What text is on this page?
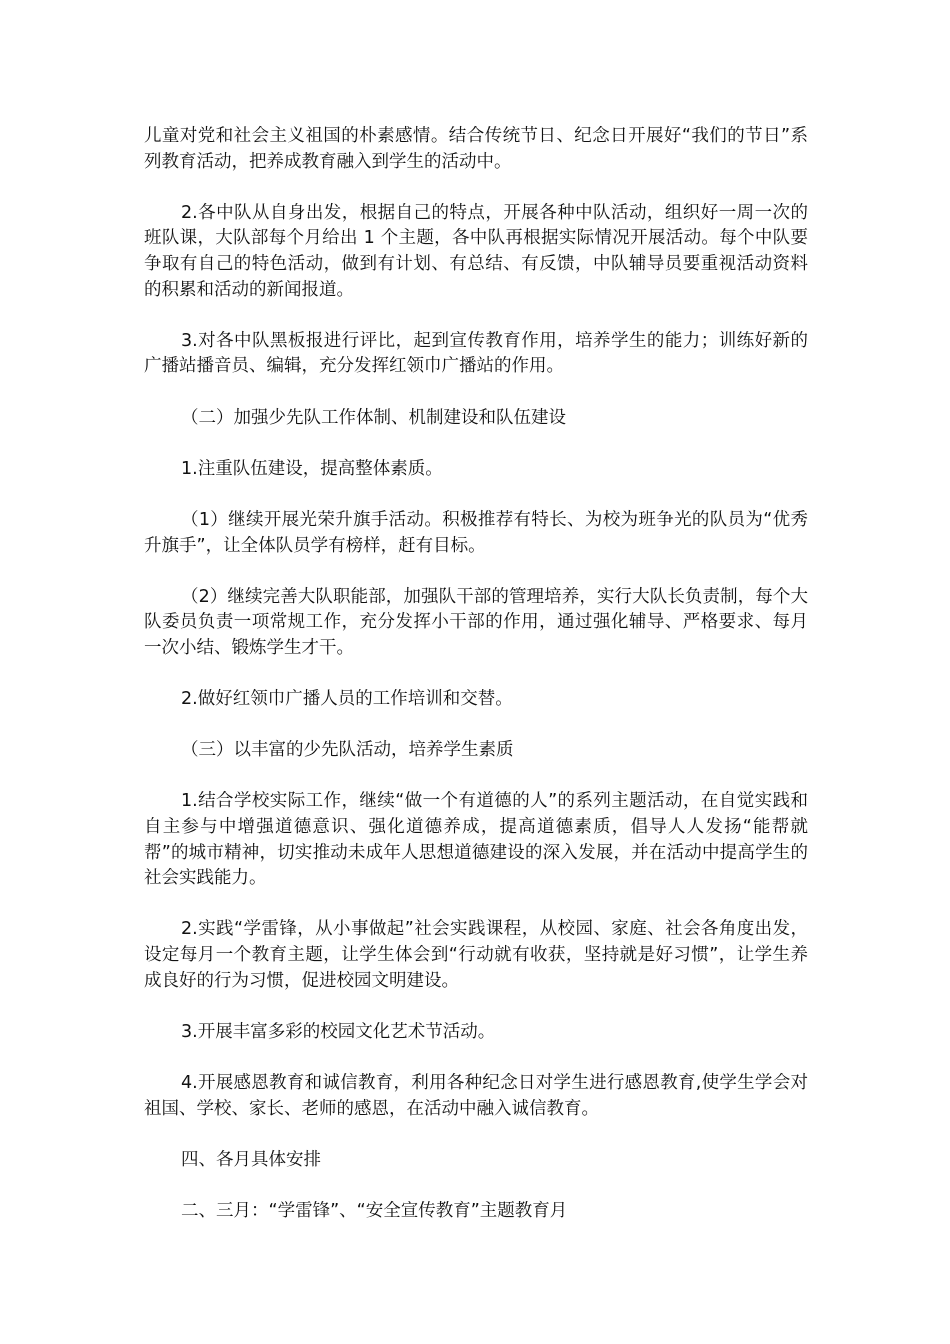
儿童对党和社会主义祖国的朴素感情。结合传统节日、纪念日开展好“我们的节日”系列教育活动，把养成教育融入到学生的活动中。

2.各中队从自身出发，根据自己的特点，开展各种中队活动，组织好一周一次的班队课，大队部每个月给出 1 个主题，各中队再根据实际情况开展活动。每个中队要争取有自己的特色活动，做到有计划、有总结、有反馈，中队辅导员要重视活动资料的积累和活动的新闻报道。

3.对各中队黑板报进行评比，起到宣传教育作用，培养学生的能力；训练好新的广播站播音员、编辑，充分发挥红领巾广播站的作用。

（二）加强少先队工作体制、机制建设和队伍建设

1.注重队伍建设，提高整体素质。

（1）继续开展光荣升旗手活动。积极推荐有特长、为校为班争光的队员为“优秀升旗手”，让全体队员学有榜样，赶有目标。

（2）继续完善大队职能部，加强队干部的管理培养，实行大队长负责制，每个大队委员负责一项常规工作，充分发挥小干部的作用，通过强化辅导、严格要求、每月一次小结、锻炼学生才干。

2.做好红领巾广播人员的工作培训和交替。

（三）以丰富的少先队活动，培养学生素质

1.结合学校实际工作，继续“做一个有道德的人”的系列主题活动，在自觉实践和自主参与中增强道德意识、强化道德养成，提高道德素质，倡导人人发扬“能帮就帮”的城市精神，切实推动未成年人思想道德建设的深入发展，并在活动中提高学生的社会实践能力。

2.实践“学雷锋，从小事做起”社会实践课程，从校园、家庭、社会各角度出发，设定每月一个教育主题，让学生体会到“行动就有收获，坚持就是好习惯”，让学生养成良好的行为习惯，促进校园文明建设。

3.开展丰富多彩的校园文化艺术节活动。

4.开展感恩教育和诚信教育，利用各种纪念日对学生进行感恩教育,使学生学会对祖国、学校、家长、老师的感恩，在活动中融入诚信教育。

四、各月具体安排

二、三月：“学雷锋”、“安全宣传教育”主题教育月
